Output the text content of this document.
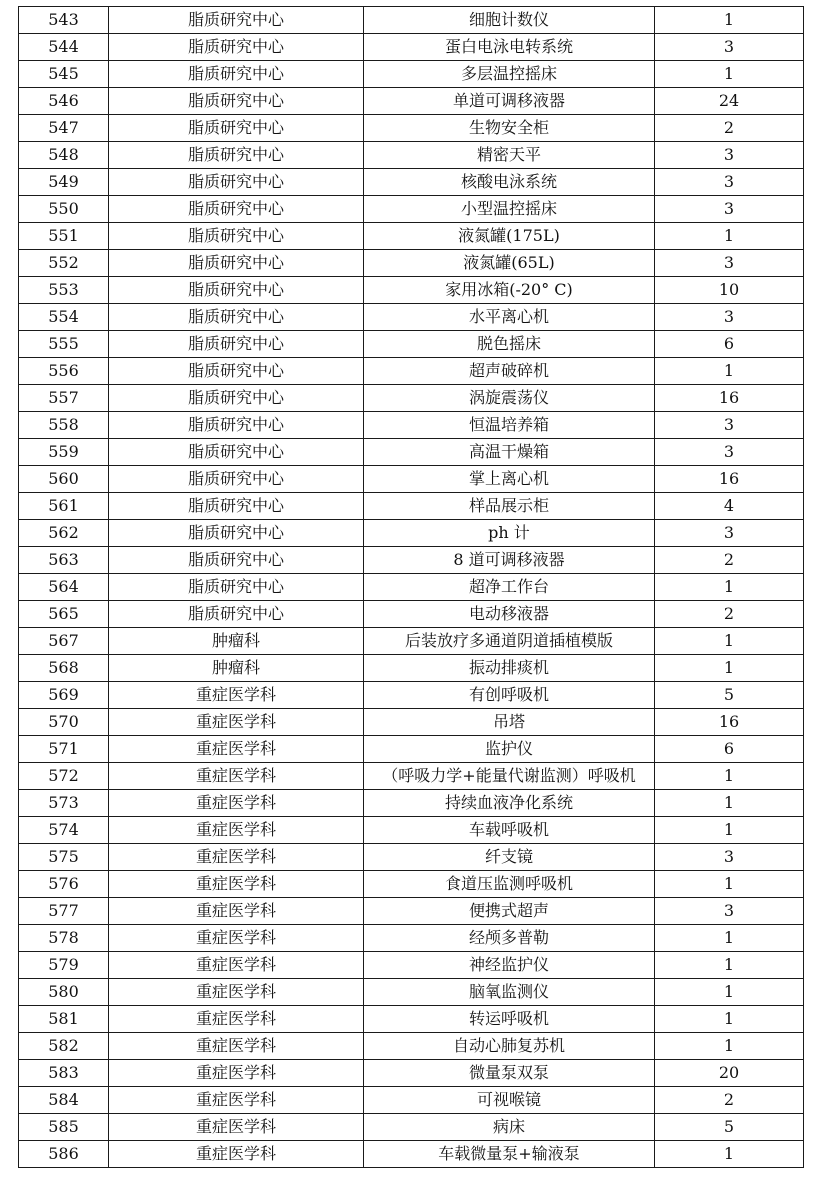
543	脂质研究中心	细胞计数仪	1
544	脂质研究中心	蛋白电泳电转系统	3
545	脂质研究中心	多层温控摇床	1
546	脂质研究中心	单道可调移液器	24
547	脂质研究中心	生物安全柜	2
548	脂质研究中心	精密天平	3
549	脂质研究中心	核酸电泳系统	3
550	脂质研究中心	小型温控摇床	3
551	脂质研究中心	液氮罐(175L)	1
552	脂质研究中心	液氮罐(65L)	3
553	脂质研究中心	家用冰箱(-20° C)	10
554	脂质研究中心	水平离心机	3
555	脂质研究中心	脱色摇床	6
556	脂质研究中心	超声破碎机	1
557	脂质研究中心	涡旋震荡仪	16
558	脂质研究中心	恒温培养箱	3
559	脂质研究中心	高温干燥箱	3
560	脂质研究中心	掌上离心机	16
561	脂质研究中心	样品展示柜	4
562	脂质研究中心	ph 计	3
563	脂质研究中心	8 道可调移液器	2
564	脂质研究中心	超净工作台	1
565	脂质研究中心	电动移液器	2
567	肿瘤科	后装放疗多通道阴道插植模版	1
568	肿瘤科	振动排痰机	1
569	重症医学科	有创呼吸机	5
570	重症医学科	吊塔	16
571	重症医学科	监护仪	6
572	重症医学科	（呼吸力学+能量代谢监测）呼吸机	1
573	重症医学科	持续血液净化系统	1
574	重症医学科	车载呼吸机	1
575	重症医学科	纤支镜	3
576	重症医学科	食道压监测呼吸机	1
577	重症医学科	便携式超声	3
578	重症医学科	经颅多普勒	1
579	重症医学科	神经监护仪	1
580	重症医学科	脑氧监测仪	1
581	重症医学科	转运呼吸机	1
582	重症医学科	自动心肺复苏机	1
583	重症医学科	微量泵双泵	20
584	重症医学科	可视喉镜	2
585	重症医学科	病床	5
586	重症医学科	车载微量泵+输液泵	1
